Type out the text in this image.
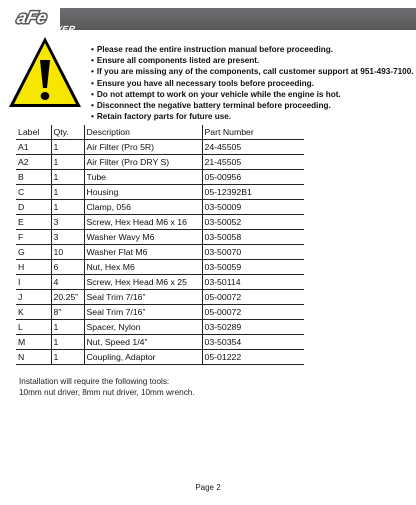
aFe
POWER
• Please read the entire instruction manual before proceeding.
• Ensure all components listed are present.
• If you are missing any of the components, call customer support at 951-493-7100.
• Ensure you have all necessary tools before proceeding.
• Do not attempt to work on your vehicle while the engine is hot.
• Disconnect the negative battery terminal before proceeding.
• Retain factory parts for future use.
Label	Qty.	Description	Part Number
A1	1	Air Filter (Pro 5R)	24-45505
A2	1	Air Filter (Pro DRY S)	21-45505
B	1	Tube	05-00956
C	1	Housing	05-12392B1
D	1	Clamp, 056	03-50009
E	3	Screw, Hex Head M6 x 16	03-50052
F	3	Washer Wavy M6	03-50058
G	10	Washer Flat M6	03-50070
H	6	Nut, Hex M6	03-50059
I	4	Screw, Hex Head M6 x 25	03-50114
J	20.25”	Seal Trim 7/16”	05-00072
K	8”	Seal Trim 7/16”	05-00072
L	1	Spacer, Nylon	03-50289
M	1	Nut, Speed 1/4”	03-50354
N	1	Coupling, Adaptor	05-01222
Installation will require the following tools:
10mm nut driver, 8mm nut driver, 10mm wrench.
Page 2
